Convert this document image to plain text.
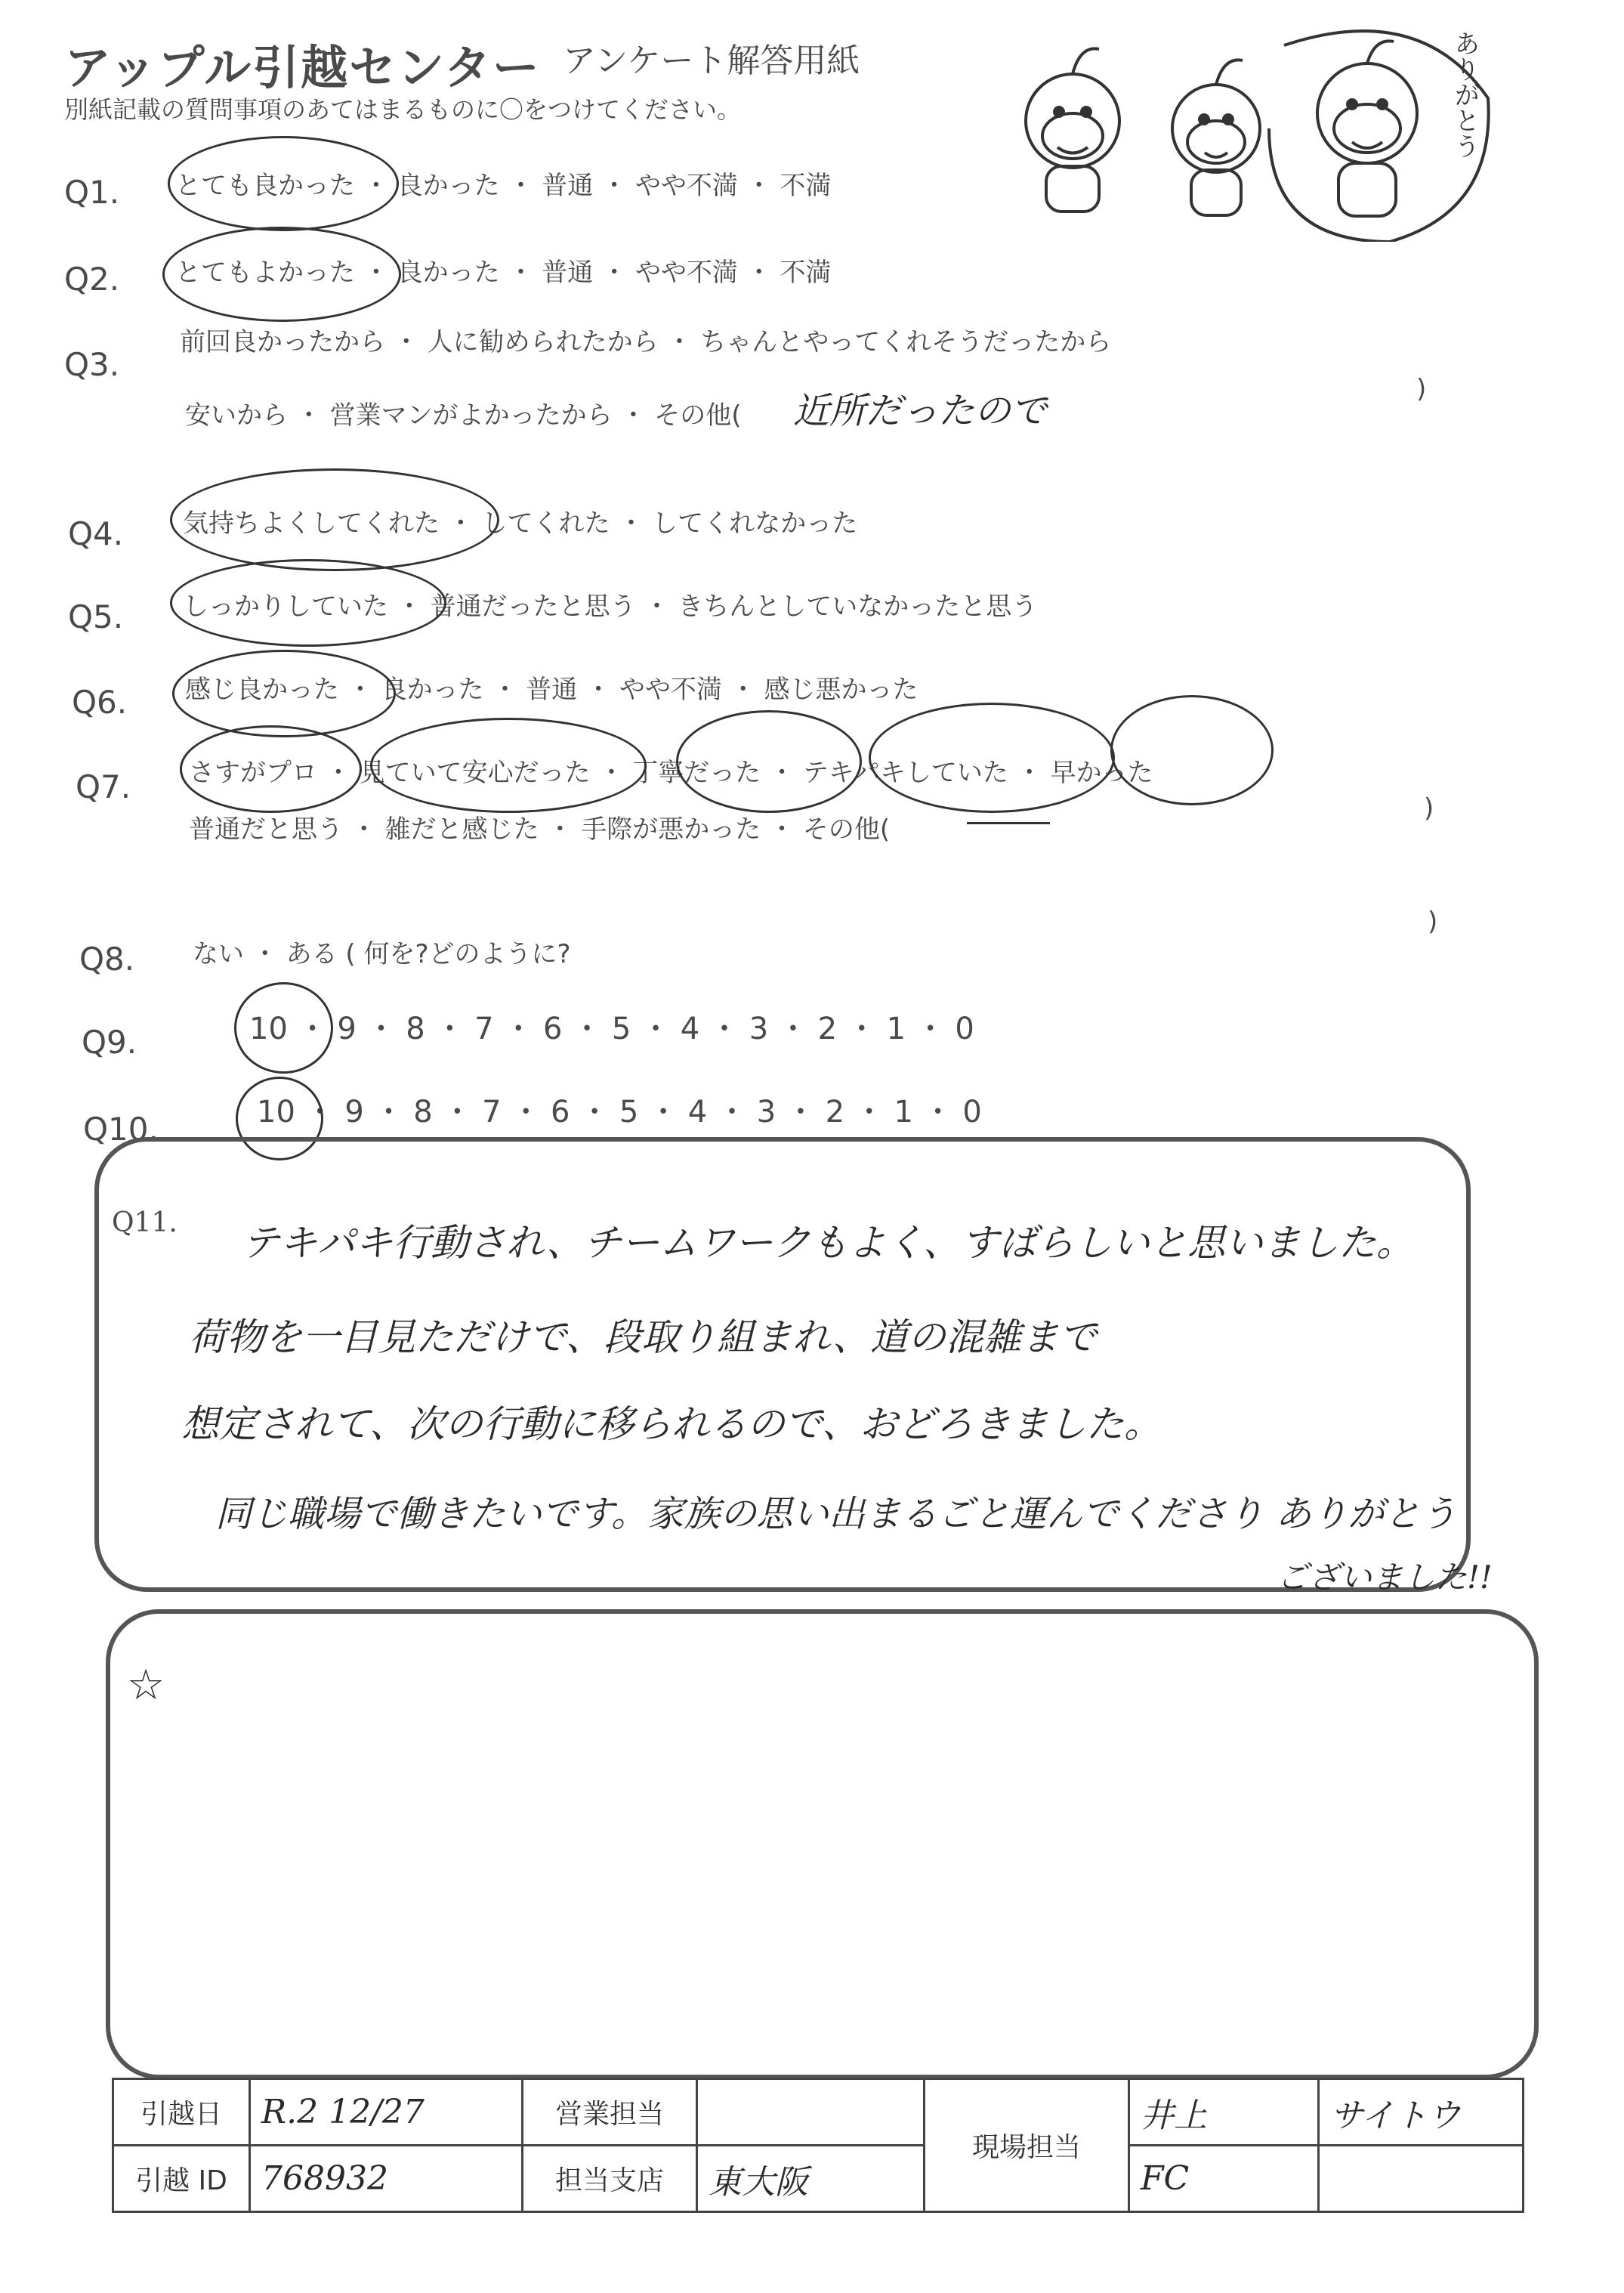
アップル引越センター アンケート解答用紙
別紙記載の質問事項のあてはまるものに〇をつけてください。	ありがとう
Q1. とても良かった ・ 良かった ・ 普通 ・ やや不満 ・ 不満
Q2. とてもよかった ・ 良かった ・ 普通 ・ やや不満 ・ 不満
Q3.
前回良かったから ・ 人に勧められたから ・ ちゃんとやってくれそうだったから
安いから ・ 営業マンがよかったから ・ その他( 近所だったので
)
Q4. 気持ちよくしてくれた ・ してくれた ・ してくれなかった
Q5. しっかりしていた ・ 普通だったと思う ・ きちんとしていなかったと思う
Q6. 感じ良かった ・ 良かった ・ 普通 ・ やや不満 ・ 感じ悪かった
Q7. さすがプロ ・ 見ていて安心だった ・ 丁寧だった ・ テキパキしていた ・ 早かった
普通だと思う ・ 雑だと感じた ・ 手際が悪かった ・ その他(
)
Q8. ない ・ ある ( 何を?どのように?
)
Q9.	10 ・ 9 ・ 8 ・ 7 ・ 6 ・ 5 ・ 4 ・ 3 ・ 2 ・ 1 ・ 0
Q10.	10 ・ 9 ・ 8 ・ 7 ・ 6 ・ 5 ・ 4 ・ 3 ・ 2 ・ 1 ・ 0
Q11. テキパキ行動され、チームワークもよく、すばらしいと思いました。
荷物を一目見ただけで、段取り組まれ、道の混雑まで
想定されて、次の行動に移られるので、おどろきました。
同じ職場で働きたいです。家族の思い出まるごと運んでくださり ありがとう
ございました!!
☆
引越日	R.2 12/27	営業担当		現場担当	井上	サイトウ
引越 ID	768932	担当支店	東大阪		FC	
